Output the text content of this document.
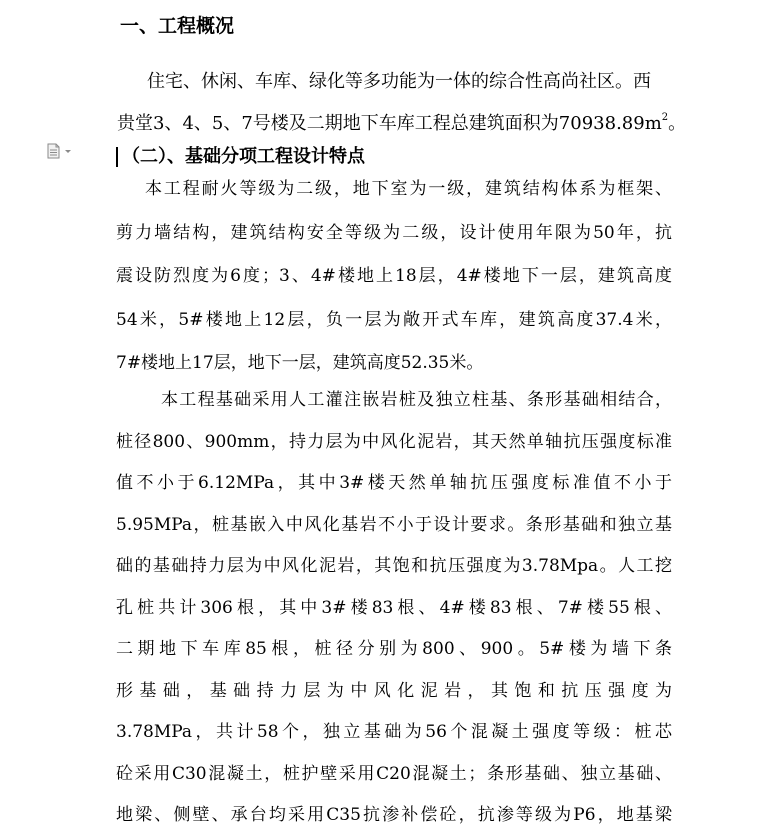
一、工程概况
住宅、休闲、车库、绿化等多功能为一体的综合性高尚社区。西
贵堂3、4、5、7号楼及二期地下车库工程总建筑面积为$70938.89m^2$。
（二）、基础分项工程设计特点
本工程耐火等级为二级，地下室为一级，建筑结构体系为框架、
剪力墙结构，建筑结构安全等级为二级，设计使用年限为50年，抗
震设防烈度为6度；3、4#楼地上18层，4#楼地下一层，建筑高度
54米，5#楼地上12层，负一层为敞开式车库，建筑高度37.4米，
7#楼地上17层，地下一层，建筑高度52.35米。
本工程基础采用人工灌注嵌岩桩及独立柱基、条形基础相结合，
桩径800、900mm，持力层为中风化泥岩，其天然单轴抗压强度标准
值不小于6.12MPa，其中3#楼天然单轴抗压强度标准值不小于
5.95MPa，桩基嵌入中风化基岩不小于设计要求。条形基础和独立基
础的基础持力层为中风化泥岩，其饱和抗压强度为3.78Mpa。人工挖
孔桩共计306根，其中3#楼83根、4#楼83根、7#楼55根、
二期地下车库85根，桩径分别为800、900。5#楼为墙下条
形基础，基础持力层为中风化泥岩，其饱和抗压强度为
3.78MPa，共计58个，独立基础为56个混凝土强度等级：桩芯
砼采用C30混凝土，桩护壁采用C20混凝土；条形基础、独立基础、
地梁、侧壁、承台均采用C35抗渗补偿砼，抗渗等级为P6，地基梁
